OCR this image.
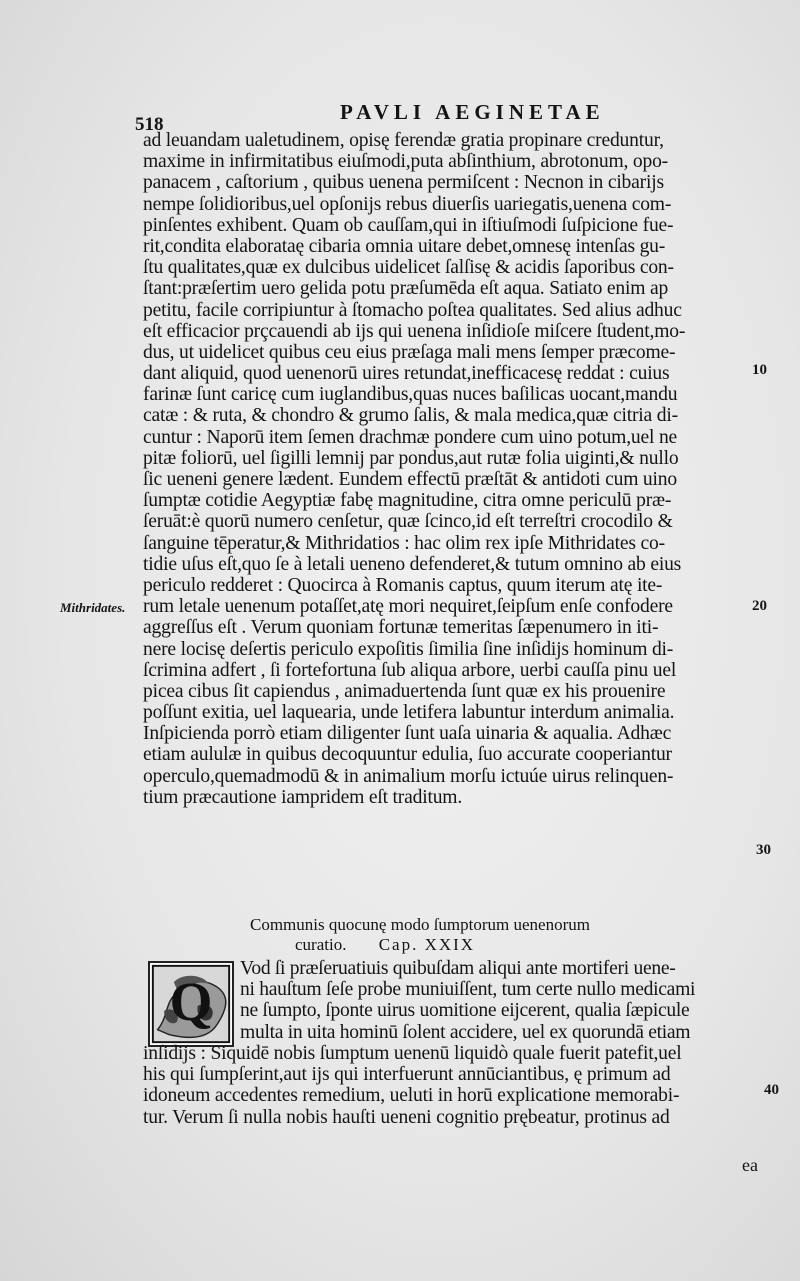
518
PAVLI AEGINETAE
ad leuandam ualetudinem, opisę ferendæ gratia propinare creduntur,
maxime in infirmitatibus eiuſmodi,puta abſinthium, abrotonum, opo-
panacem , caſtorium , quibus uenena permiſcent : Necnon in cibarijs
nempe ſolidioribus,uel opſonijs rebus diuerſis uariegatis,uenena com-
pinſentes exhibent. Quam ob cauſſam,qui in iſtiuſmodi ſuſpicione fue-
rit,condita elaborataę cibaria omnia uitare debet,omnesę intenſas gu-
ſtu qualitates,quæ ex dulcibus uidelicet ſalſisę & acidis ſaporibus con-
ſtant:præſertim uero gelida potu præſumēda eſt aqua. Satiato enim ap
petitu, facile corripiuntur à ſtomacho poſtea qualitates. Sed alius adhuc
eſt efficacior prçcauendi ab ijs qui uenena inſidioſe miſcere ſtudent,mo-
dus, ut uidelicet quibus ceu eius præſaga mali mens ſemper præcome-
dant aliquid, quod uenenorū uires retundat,inefficacesę reddat : cuius
farinæ ſunt caricę cum iuglandibus,quas nuces baſilicas uocant,mandu
catæ : & ruta, & chondro & grumo ſalis, & mala medica,quæ citria di-
cuntur : Naporū item ſemen drachmæ pondere cum uino potum,uel ne
pitæ foliorū, uel ſigilli lemnij par pondus,aut rutæ folia uiginti,& nullo
ſic ueneni genere lædent. Eundem effectū præſtāt & antidoti cum uino
ſumptæ cotidie Aegyptiæ fabę magnitudine, citra omne periculū præ-
ſeruāt:è quorū numero cenſetur, quæ ſcinco,id eſt terreſtri crocodilo &
ſanguine tēperatur,& Mithridatios : hac olim rex ipſe Mithridates co-
tidie uſus eſt,quo ſe à letali ueneno defenderet,& tutum omnino ab eius
periculo redderet : Quocirca à Romanis captus, quum iterum atę ite-
rum letale uenenum potaſſet,atę mori nequiret,ſeipſum enſe confodere
aggreſſus eſt . Verum quoniam fortunæ temeritas ſæpenumero in iti-
nere locisę deſertis periculo expoſitis ſimilia ſine inſidijs hominum di-
ſcrimina adfert , ſi fortefortuna ſub aliqua arbore, uerbi cauſſa pinu uel
picea cibus ſit capiendus , animaduertenda ſunt quæ ex his prouenire
poſſunt exitia, uel laquearia, unde letifera labuntur interdum animalia.
Inſpicienda porrò etiam diligenter ſunt uaſa uinaria & aqualia. Adhæc
etiam aululæ in quibus decoquuntur edulia, ſuo accurate cooperiantur
operculo,quemadmodū & in animalium morſu ictuúe uirus relinquen-
tium præcautione iampridem eſt traditum.
Mithridates.
10
20
30
40
Communis quocunę modo ſumptorum uenenorum
curatio. Cap. XXIX
Q
Vod ſi præſeruatiuis quibuſdam aliqui ante mortiferi uene-
ni hauſtum ſeſe probe muniuiſſent, tum certe nullo medicami
ne ſumpto, ſponte uirus uomitione eijcerent, qualia ſæpicule
multa in uita hominū ſolent accidere, uel ex quorundā etiam
inſidijs : Siquidē nobis ſumptum uenenū liquidò quale fuerit patefit,uel
his qui ſumpſerint,aut ijs qui interfuerunt annūciantibus, ę primum ad
idoneum accedentes remedium, ueluti in horū explicatione memorabi-
tur. Verum ſi nulla nobis hauſti ueneni cognitio prębeatur, protinus ad
ea
